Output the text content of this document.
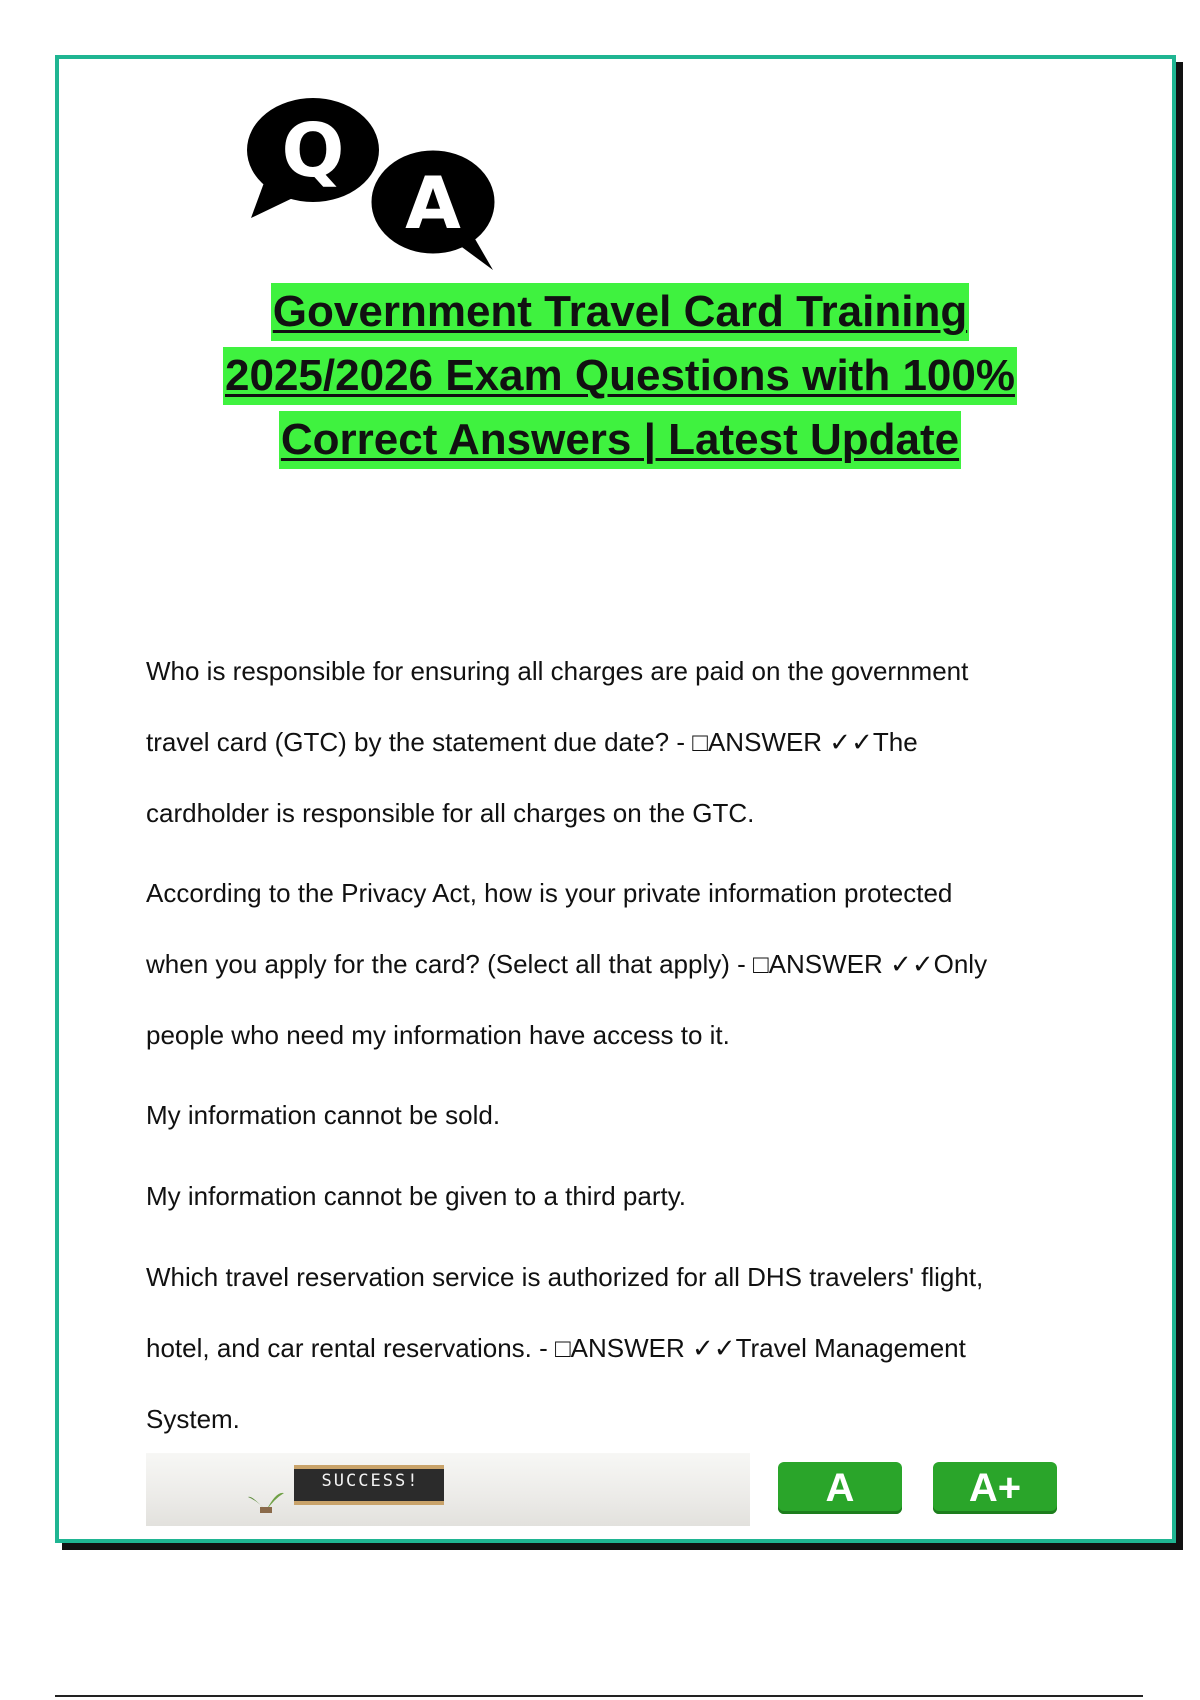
Q
A
Government Travel Card Training
2025/2026 Exam Questions with 100%
Correct Answers | Latest Update

Who is responsible for ensuring all charges are paid on the government

travel card (GTC) by the statement due date? - □ANSWER ✓✓The

cardholder is responsible for all charges on the GTC.

According to the Privacy Act, how is your private information protected

when you apply for the card? (Select all that apply) - □ANSWER ✓✓Only

people who need my information have access to it.

My information cannot be sold.

My information cannot be given to a third party.

Which travel reservation service is authorized for all DHS travelers' flight,

hotel, and car rental reservations. - □ANSWER ✓✓Travel Management

System.

SUCCESS!	A	A+
